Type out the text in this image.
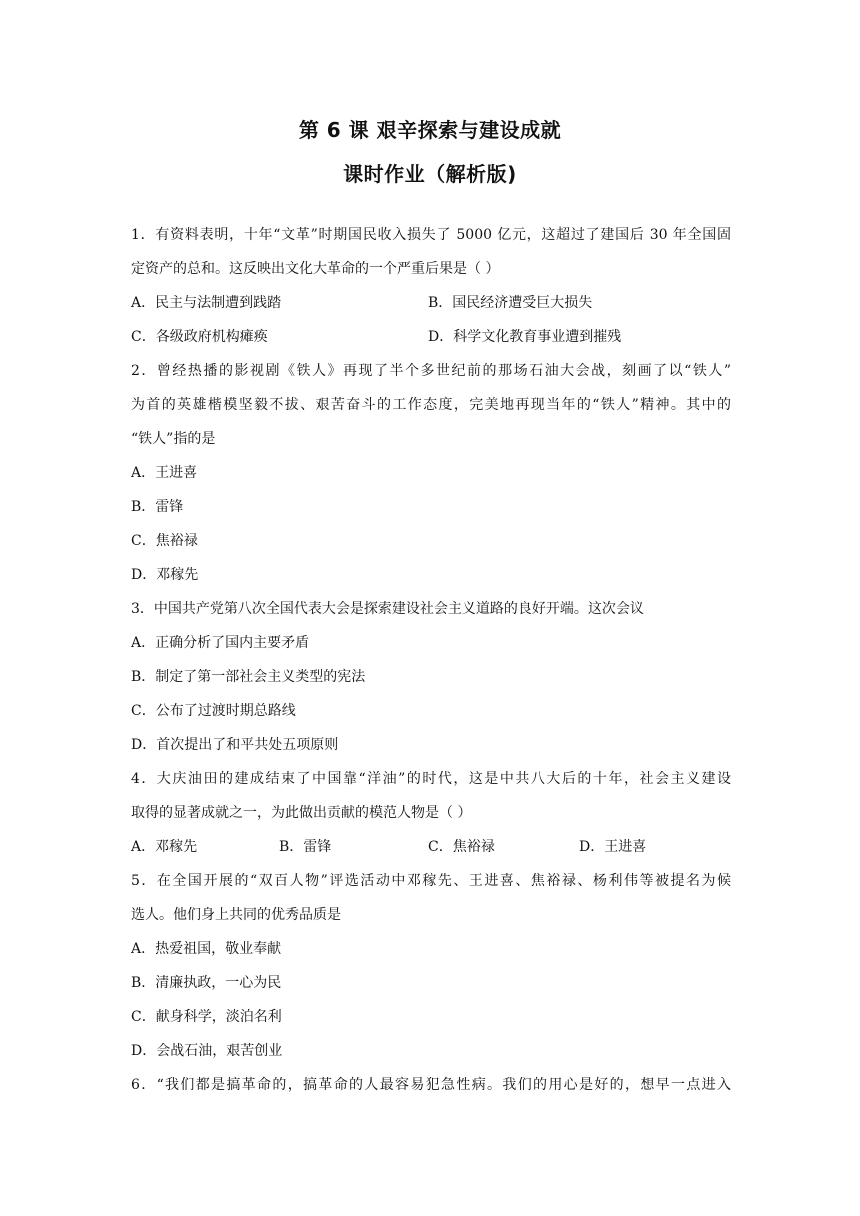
第 6 课 艰辛探索与建设成就
课时作业（解析版)
1．有资料表明，十年“文革”时期国民收入损失了 5000 亿元，这超过了建国后 30 年全国固
定资产的总和。这反映出文化大革命的一个严重后果是（ ）
A．民主与法制遭到践踏	B．国民经济遭受巨大损失
C．各级政府机构瘫痪	D．科学文化教育事业遭到摧残
2．曾经热播的影视剧《铁人》再现了半个多世纪前的那场石油大会战，刻画了以“铁人”
为首的英雄楷模坚毅不拔、艰苦奋斗的工作态度，完美地再现当年的“铁人”精神。其中的
“铁人”指的是
A．王进喜
B．雷锋
C．焦裕禄
D．邓稼先
3．中国共产党第八次全国代表大会是探索建设社会主义道路的良好开端。这次会议
A．正确分析了国内主要矛盾
B．制定了第一部社会主义类型的宪法
C．公布了过渡时期总路线
D．首次提出了和平共处五项原则
4．大庆油田的建成结束了中国靠“洋油”的时代，这是中共八大后的十年，社会主义建设
取得的显著成就之一，为此做出贡献的模范人物是（ ）
A．邓稼先	B．雷锋	C．焦裕禄	D．王进喜
5．在全国开展的“双百人物”评选活动中邓稼先、王进喜、焦裕禄、杨利伟等被提名为候
选人。他们身上共同的优秀品质是
A．热爱祖国，敬业奉献
B．清廉执政，一心为民
C．献身科学，淡泊名利
D．会战石油，艰苦创业
6．“我们都是搞革命的，搞革命的人最容易犯急性病。我们的用心是好的，想早一点进入
